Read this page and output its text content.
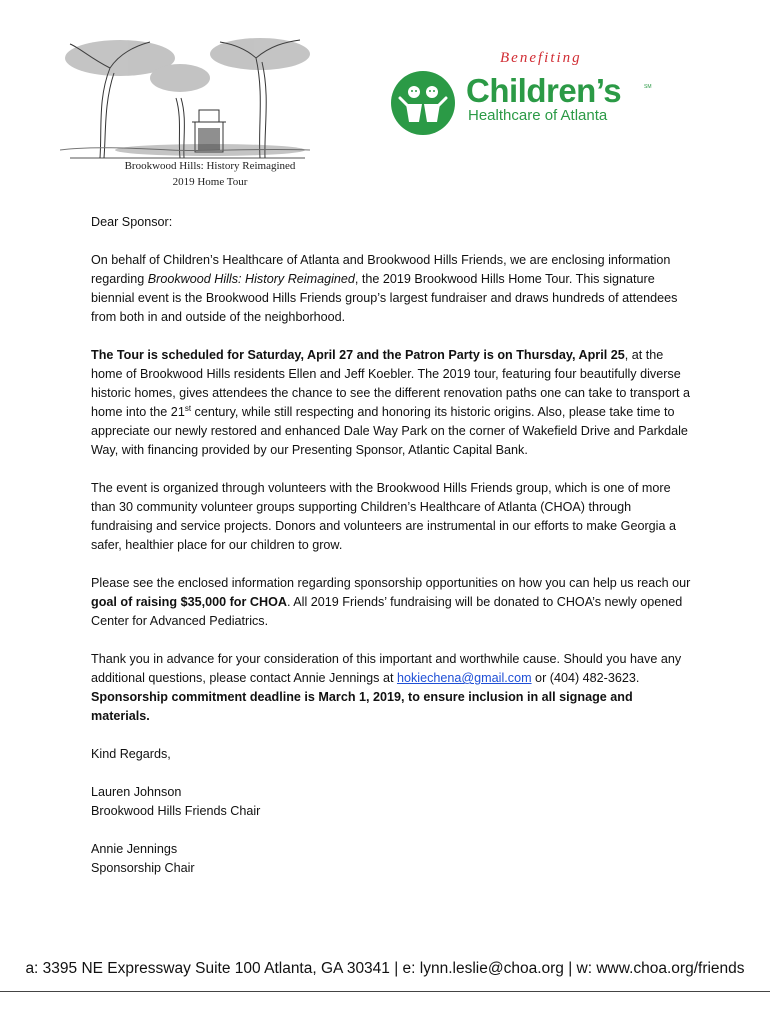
Brookwood Hills: History Reimagined
2019 Home Tour
Benefiting
Children’s	SM
Healthcare of Atlanta

Dear Sponsor:

On behalf of Children’s Healthcare of Atlanta and Brookwood Hills Friends, we are enclosing information regarding Brookwood Hills: History Reimagined, the 2019 Brookwood Hills Home Tour. This signature biennial event is the Brookwood Hills Friends group’s largest fundraiser and draws hundreds of attendees from both in and outside of the neighborhood.

The Tour is scheduled for Saturday, April 27 and the Patron Party is on Thursday, April 25, at the home of Brookwood Hills residents Ellen and Jeff Koebler. The 2019 tour, featuring four beautifully diverse historic homes, gives attendees the chance to see the different renovation paths one can take to transport a home into the 21st century, while still respecting and honoring its historic origins. Also, please take time to appreciate our newly restored and enhanced Dale Way Park on the corner of Wakefield Drive and Parkdale Way, with financing provided by our Presenting Sponsor, Atlantic Capital Bank.

The event is organized through volunteers with the Brookwood Hills Friends group, which is one of more than 30 community volunteer groups supporting Children’s Healthcare of Atlanta (CHOA) through fundraising and service projects. Donors and volunteers are instrumental in our efforts to make Georgia a safer, healthier place for our children to grow.

Please see the enclosed information regarding sponsorship opportunities on how you can help us reach our goal of raising $35,000 for CHOA. All 2019 Friends’ fundraising will be donated to CHOA’s newly opened Center for Advanced Pediatrics.

Thank you in advance for your consideration of this important and worthwhile cause. Should you have any additional questions, please contact Annie Jennings at hokiechena@gmail.com or (404) 482-3623. Sponsorship commitment deadline is March 1, 2019, to ensure inclusion in all signage and materials.

Kind Regards,

Lauren Johnson

Brookwood Hills Friends Chair

Annie Jennings

Sponsorship Chair

a: 3395 NE Expressway Suite 100 Atlanta, GA 30341 | e: lynn.leslie@choa.org | w: www.choa.org/friends
